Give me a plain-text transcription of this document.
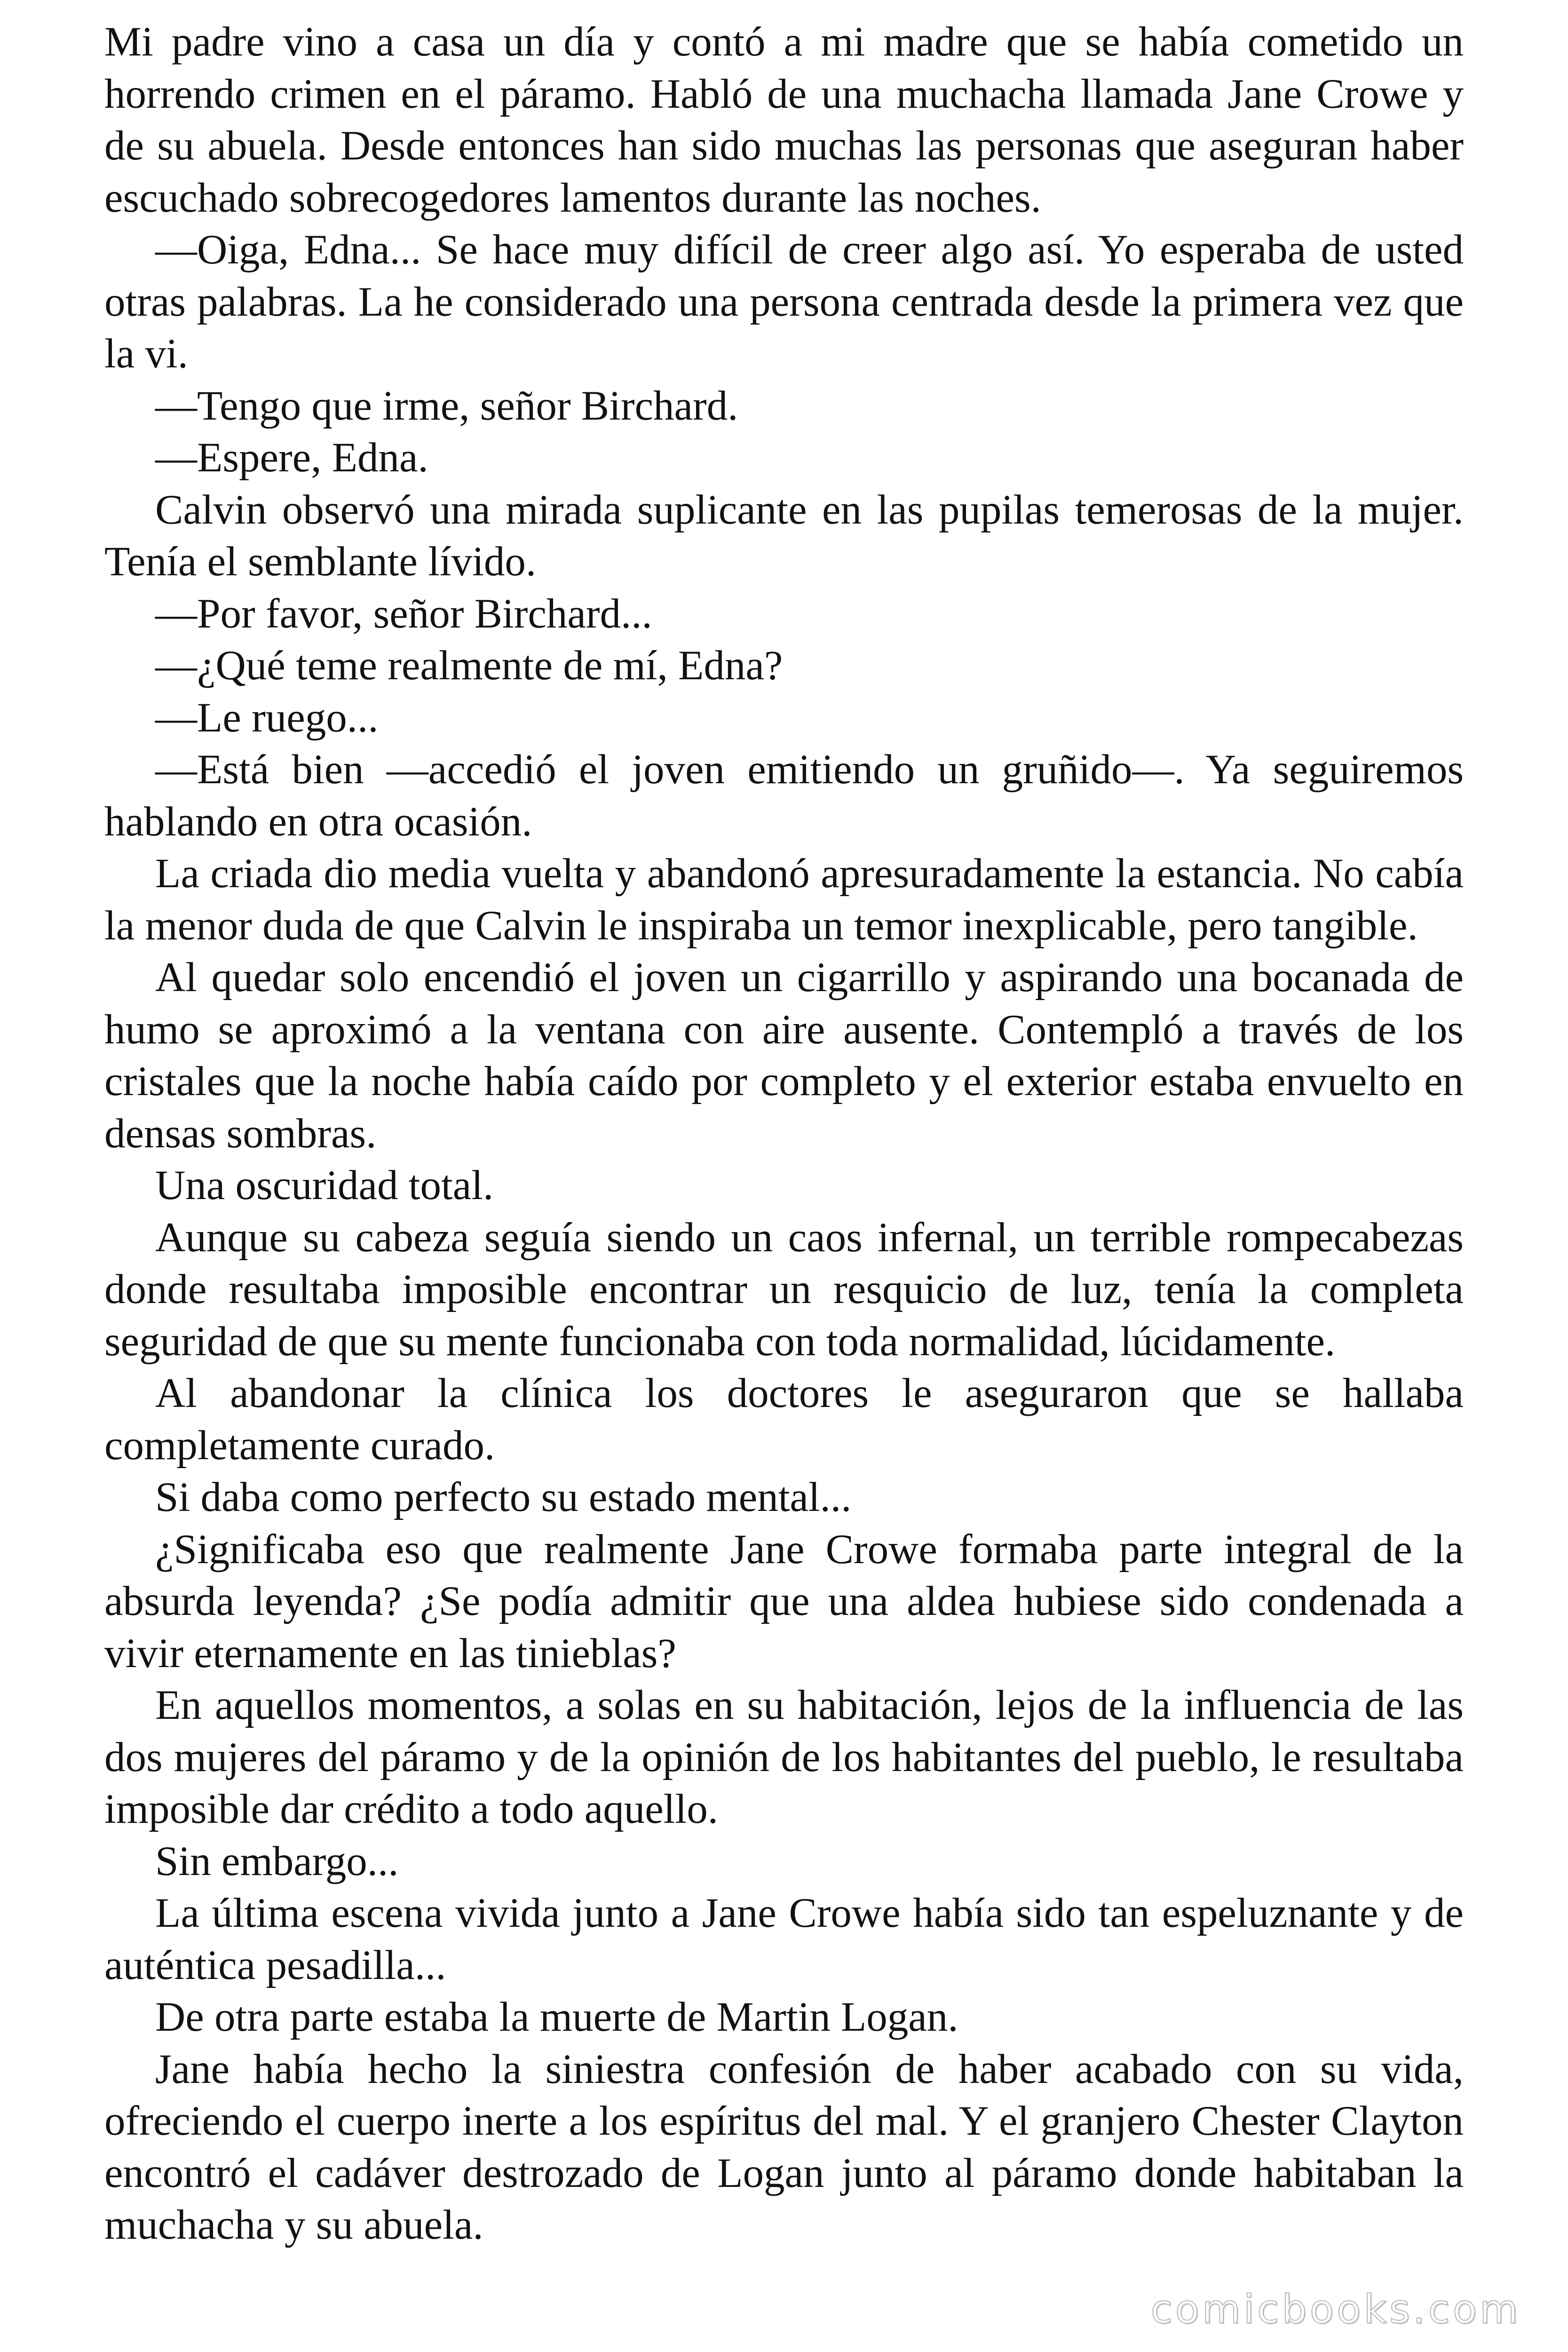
Mi padre vino a casa un día y contó a mi madre que se había cometido un horrendo crimen en el páramo. Habló de una muchacha llamada Jane Crowe y de su abuela. Desde entonces han sido muchas las personas que aseguran haber escuchado sobrecogedores lamentos durante las noches.

—Oiga, Edna... Se hace muy difícil de creer algo así. Yo esperaba de usted otras palabras. La he considerado una persona centrada desde la primera vez que la vi.

—Tengo que irme, señor Birchard.

—Espere, Edna.

Calvin observó una mirada suplicante en las pupilas temerosas de la mujer. Tenía el semblante lívido.

—Por favor, señor Birchard...

—¿Qué teme realmente de mí, Edna?

—Le ruego...

—Está bien —accedió el joven emitiendo un gruñido—. Ya seguiremos hablando en otra ocasión.

La criada dio media vuelta y abandonó apresuradamente la estancia. No cabía la menor duda de que Calvin le inspiraba un temor inexplicable, pero tangible.

Al quedar solo encendió el joven un cigarrillo y aspirando una bocanada de humo se aproximó a la ventana con aire ausente. Contempló a través de los cristales que la noche había caído por completo y el exterior estaba envuelto en densas sombras.

Una oscuridad total.

Aunque su cabeza seguía siendo un caos infernal, un terrible rompecabezas donde resultaba imposible encontrar un resquicio de luz, tenía la completa seguridad de que su mente funcionaba con toda normalidad, lúcidamente.

Al abandonar la clínica los doctores le aseguraron que se hallaba completamente curado.

Si daba como perfecto su estado mental...

¿Significaba eso que realmente Jane Crowe formaba parte integral de la absurda leyenda? ¿Se podía admitir que una aldea hubiese sido condenada a vivir eternamente en las tinieblas?

En aquellos momentos, a solas en su habitación, lejos de la influencia de las dos mujeres del páramo y de la opinión de los habitantes del pueblo, le resultaba imposible dar crédito a todo aquello.

Sin embargo...

La última escena vivida junto a Jane Crowe había sido tan espeluznante y de auténtica pesadilla...

De otra parte estaba la muerte de Martin Logan.

Jane había hecho la siniestra confesión de haber acabado con su vida, ofreciendo el cuerpo inerte a los espíritus del mal. Y el granjero Chester Clayton encontró el cadáver destrozado de Logan junto al páramo donde habitaban la muchacha y su abuela.

comicbooks.com
